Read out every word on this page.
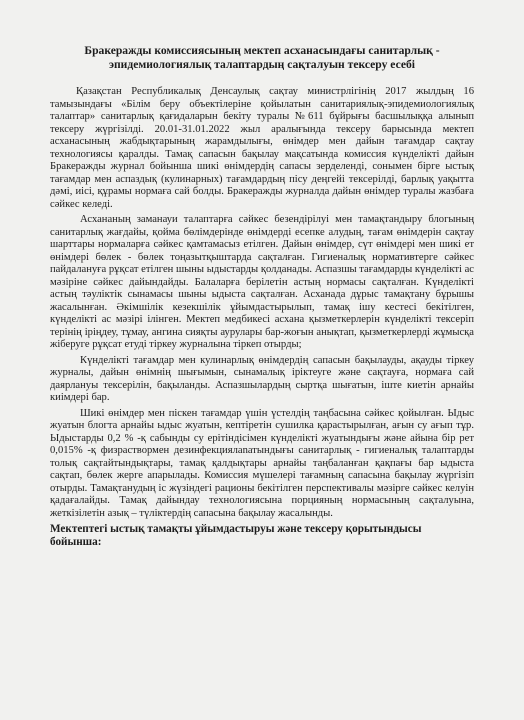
Бракеражды комиссиясының мектеп асханасындағы санитарлық - эпидемиологиялық талаптардың сақталуын тексеру есебі

Қазақстан Республикалық Денсаулық сақтау министрлігінің 2017 жылдың 16 тамызындағы «Білім беру объектілеріне қойылатын санитариялық-эпидемиологиялық талаптар» санитарлық қағидаларын бекіту туралы №611 бұйрығы басшылыққа алынып тексеру жүргізілді. 20.01-31.01.2022 жыл аралығында тексеру барысында мектеп асханасының жабдықтарының жарамдылығы, өнімдер мен дайын тағамдар сақтау технологиясы қаралды. Тамақ сапасын бақылау мақсатында комиссия күнделікті дайын Бракеражды журнал бойынша шикі өнімдердің сапасы зерделенді, сонымен бірге ыстық тағамдар мен аспаздық (кулинарных) тағамдардың пісу деңгейі тексерілді, барлық уақытта дәмі, иісі, құрамы нормаға сай болды. Бракеражды журналда дайын өнімдер туралы жазбаға сәйкес келеді.

Асхананың заманауи талаптарға сәйкес безендірілуі мен тамақтандыру блогының санитарлық жағдайы, қойма бөлімдерінде өнімдерді есепке алудың, тағам өнімдерін сақтау шарттары нормаларға сәйкес қамтамасыз етілген. Дайын өнімдер, сүт өнімдері мен шикі ет өнімдері бөлек - бөлек тоңазытқыштарда сақталған. Гигиеналық нормативтерге сәйкес пайдалануға рұқсат етілген шыны ыдыстарды қолданады. Аспазшы тағамдарды күнделікті ас мәзіріне сәйкес дайындайды. Балаларға берілетін астың нормасы сақталған. Күнделікті астың тәуліктік сынамасы шыны ыдыста сақталған. Асханада дұрыс тамақтану бұрышы жасалынған. Әкімшілік кезекшілік ұйымдастырылып, тамақ ішу кестесі бекітілген, күнделікті ас мәзірі ілінген. Мектеп медбикесі асхана қызметкерлерін күнделікті тексеріп терінің іріңдеу, тұмау, ангина сияқты аурулары бар-жоғын анықтап, қызметкерлерді жұмысқа жіберуге рұқсат етуді тіркеу журналына тіркеп отырды;

Күнделікті тағамдар мен кулинарлық өнімдердің сапасын бақылауды, ақауды тіркеу журналы, дайын өнімнің шығымын, сынамалық іріктеуге және сақтауға, нормаға сай даярлануы тексерілін, бақыланды. Аспазшылардың сыртқа шығатын, іште киетін арнайы киімдері бар.

Шикі өнімдер мен піскен тағамдар үшін үстелдің таңбасына сәйкес қойылған. Ыдыс жуатын блогта арнайы ыдыс жуатын, кептіретін сушилка қарастырылған, ағын су ағып тұр. Ыдыстарды 0,2 % -қ сабынды су ерітіндісімен күнделікті жуатындығы және айына бір рет 0,015% -қ физраствормен дезинфекциялanатындығы санитарлық - гигиеналық талаптарды толық сақтайтындықтары, тамақ қалдықтары арнайы таңбаланған қақпағы бар ыдыста сақтап, бөлек жерге апарылады. Комиссия мүшелері тағамның сапасына бақылау жүргізіп отырды. Тамақтанудың іс жүзіндегі рационы бекітілген перспективалы мәзірге сәйкес келуін қадағалайды. Тамақ дайындау технологиясына порцияның нормасының сақталуына, жеткізілетін азық – түліктердің сапасына бақылау жасалынды.

Мектептегі ыстық тамақты ұйымдастыруы және тексеру қорытындысы бойынша:
